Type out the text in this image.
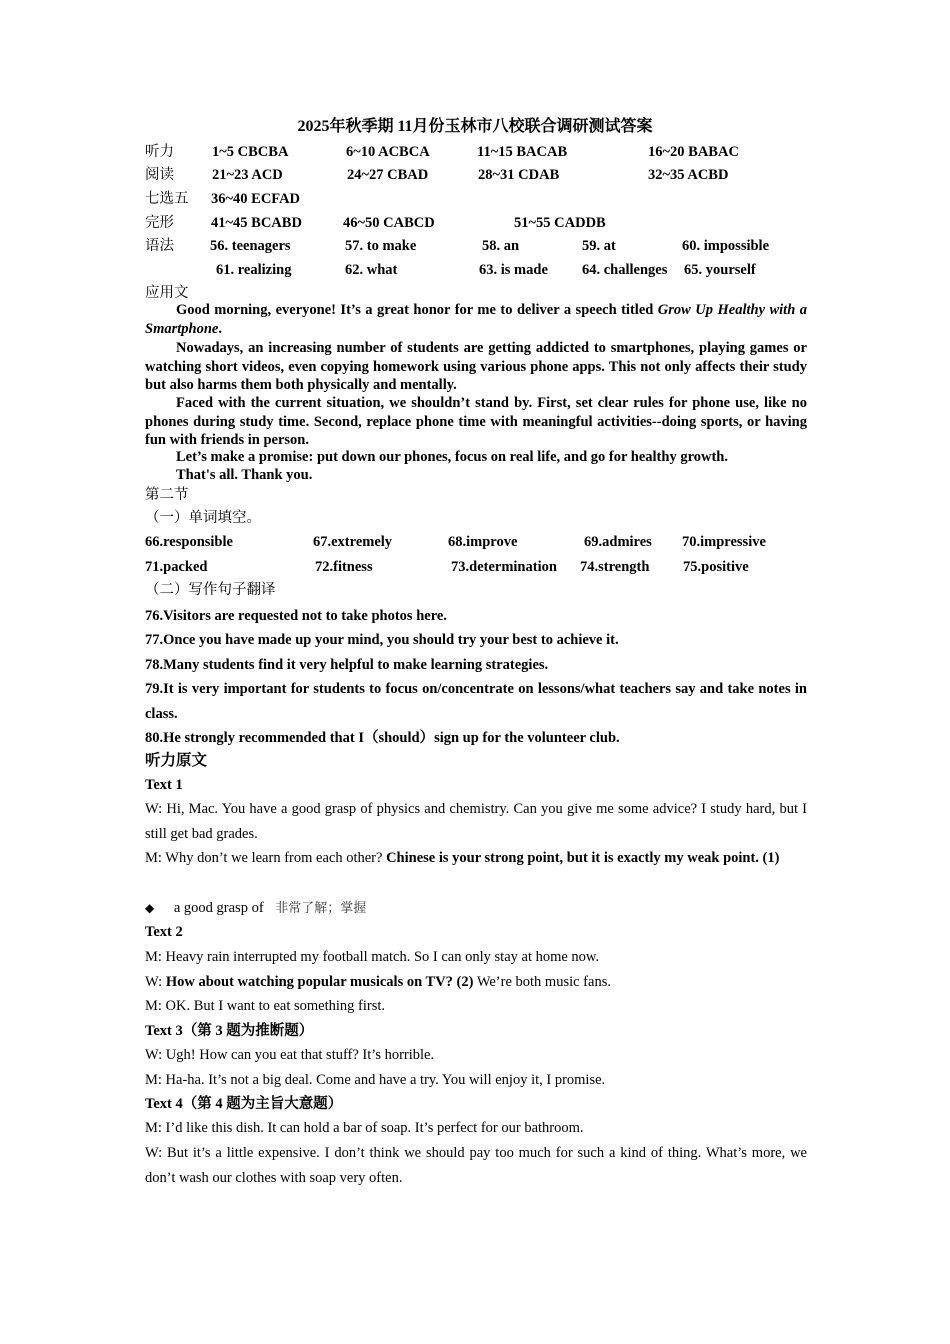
2025年秋季期 11月份玉林市八校联合调研测试答案
听力	1~5 CBCBA	6~10 ACBCA	11~15 BACAB	16~20 BABAC
阅读	21~23 ACD	24~27 CBAD	28~31 CDAB	32~35 ACBD
七选五 36~40 ECFAD
完形	41~45 BCABD	46~50 CABCD	51~55 CADDB
语法 56. teenagers	57. to make	58. an	59. at	60. impossible
61. realizing	62. what	63. is made 64. challenges 65. yourself
应用文

Good morning, everyone! It’s a great honor for me to deliver a speech titled Grow Up Healthy with a Smartphone.

Nowadays, an increasing number of students are getting addicted to smartphones, playing games or watching short videos, even copying homework using various phone apps. This not only affects their study but also harms them both physically and mentally.

Faced with the current situation, we shouldn’t stand by. First, set clear rules for phone use, like no phones during study time. Second, replace phone time with meaningful activities--doing sports, or having fun with friends in person.

Let’s make a promise: put down our phones, focus on real life, and go for healthy growth.

That's all. Thank you.

第二节
（一）单词填空。
66.responsible	67.extremely	68.improve	69.admires 70.impressive
71.packed	72.fitness	73.determination 74.strength 75.positive
（二）写作句子翻译
76.Visitors are requested not to take photos here.
77.Once you have made up your mind, you should try your best to achieve it.
78.Many students find it very helpful to make learning strategies.

79.It is very important for students to focus on/concentrate on lessons/what teachers say and take notes in class.

80.He strongly recommended that I（should）sign up for the volunteer club.
听力原文
Text 1

W: Hi, Mac. You have a good grasp of physics and chemistry. Can you give me some advice? I study hard, but I still get bad grades.

M: Why don’t we learn from each other? Chinese is your strong point, but it is exactly my weak point. (1)

◆ a good grasp of 非常了解；掌握
Text 2
M: Heavy rain interrupted my football match. So I can only stay at home now.
W: How about watching popular musicals on TV? (2) We’re both music fans.
M: OK. But I want to eat something first.
Text 3（第 3 题为推断题）
W: Ugh! How can you eat that stuff? It’s horrible.
M: Ha-ha. It’s not a big deal. Come and have a try. You will enjoy it, I promise.
Text 4（第 4 题为主旨大意题）
M: I’d like this dish. It can hold a bar of soap. It’s perfect for our bathroom.

W: But it’s a little expensive. I don’t think we should pay too much for such a kind of thing. What’s more, we don’t wash our clothes with soap very often.
